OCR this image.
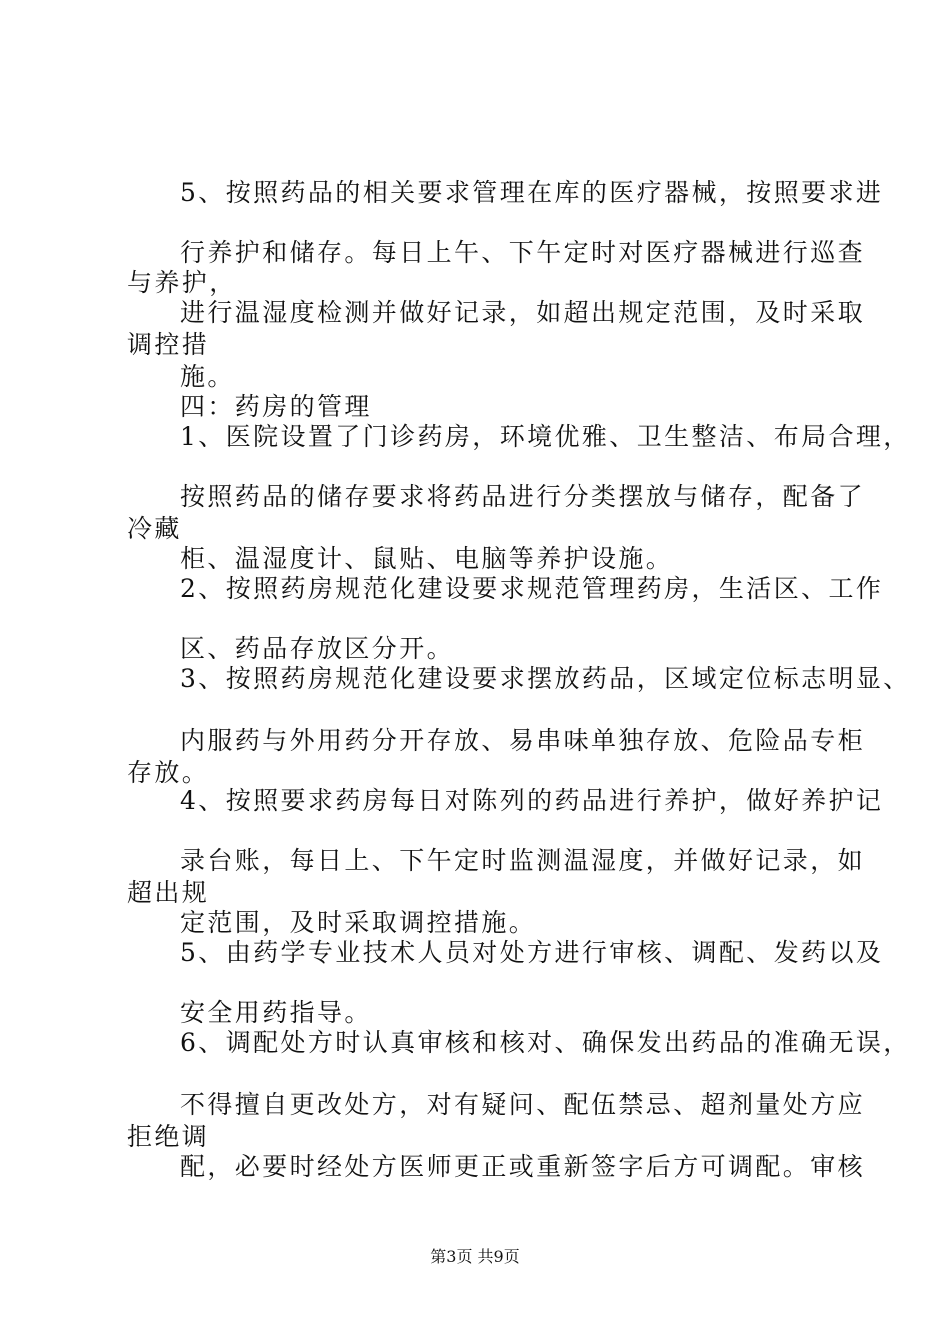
5、按照药品的相关要求管理在库的医疗器械，按照要求进

行养护和储存。每日上午、下午定时对医疗器械进行巡查

与养护，

进行温湿度检测并做好记录，如超出规定范围，及时采取

调控措

施。

四：药房的管理

1、医院设置了门诊药房，环境优雅、卫生整洁、布局合理，

按照药品的储存要求将药品进行分类摆放与储存，配备了

冷藏

柜、温湿度计、鼠贴、电脑等养护设施。

2、按照药房规范化建设要求规范管理药房，生活区、工作

区、药品存放区分开。

3、按照药房规范化建设要求摆放药品，区域定位标志明显、

内服药与外用药分开存放、易串味单独存放、危险品专柜

存放。

4、按照要求药房每日对陈列的药品进行养护，做好养护记

录台账，每日上、下午定时监测温湿度，并做好记录，如

超出规

定范围，及时采取调控措施。

5、由药学专业技术人员对处方进行审核、调配、发药以及

安全用药指导。

6、调配处方时认真审核和核对、确保发出药品的准确无误，

不得擅自更改处方，对有疑问、配伍禁忌、超剂量处方应

拒绝调

配，必要时经处方医师更正或重新签字后方可调配。审核

第3页 共9页
